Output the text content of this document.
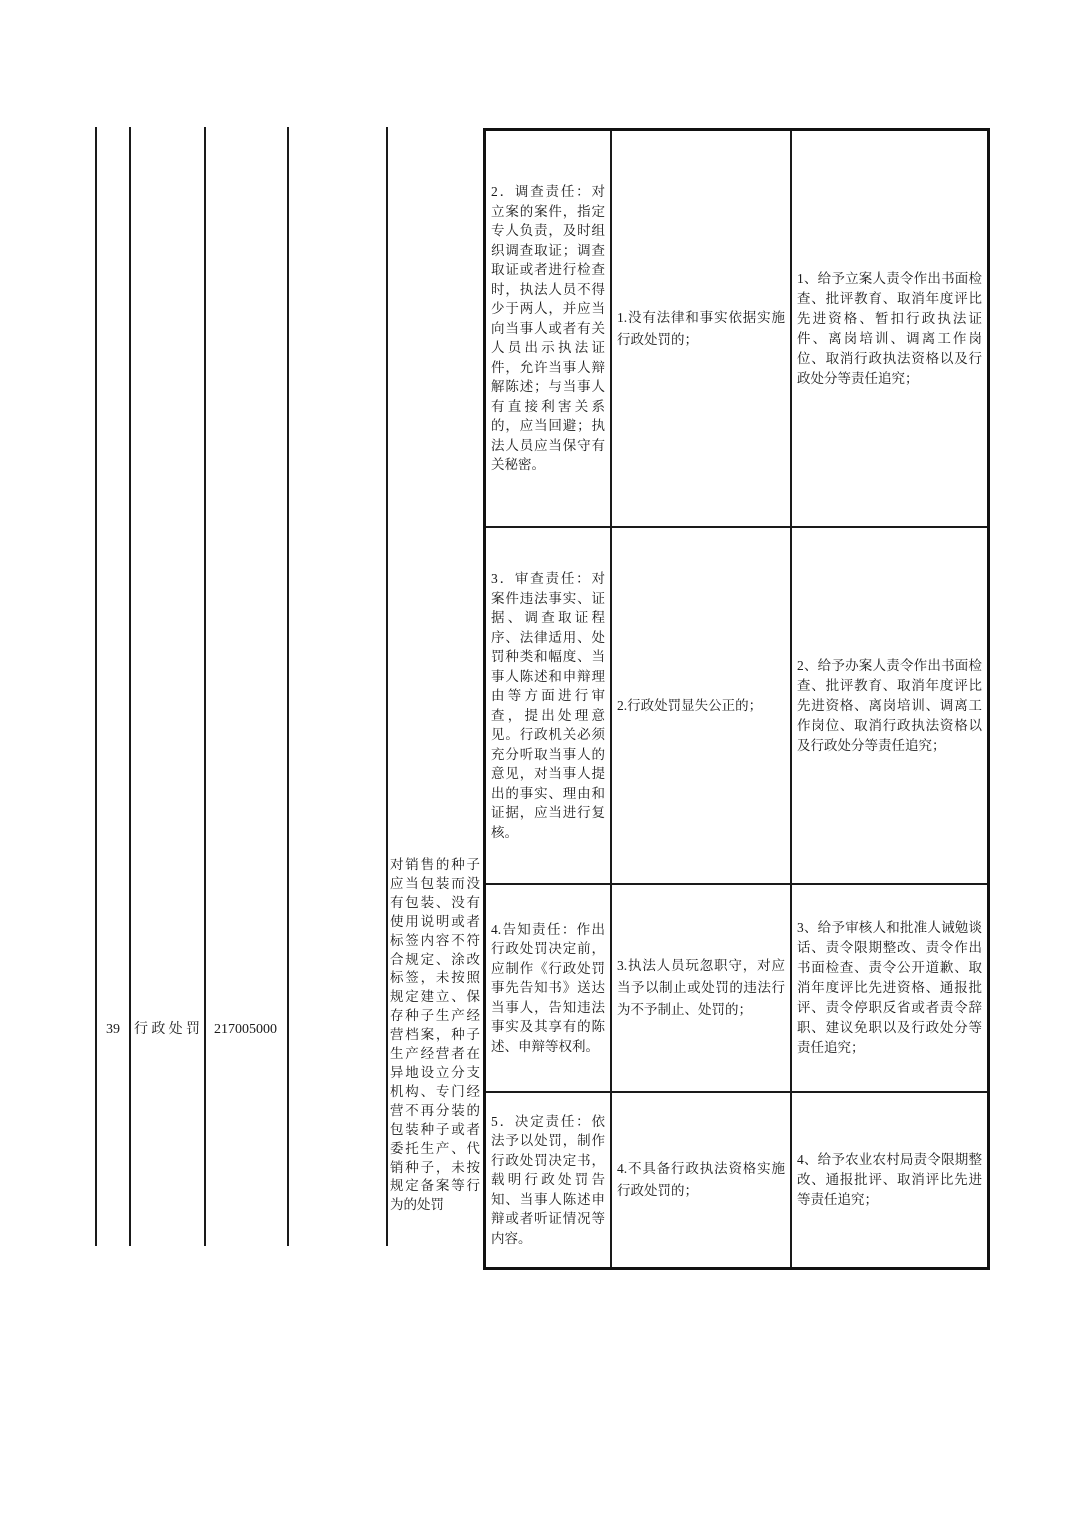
39	行政处罚	217005000
对销售的种子应当包装而没有包装、没有使用说明或者标签内容不符合规定、涂改标签，未按照规定建立、保存种子生产经营档案，种子生产经营者在异地设立分支机构、专门经营不再分装的包装种子或者委托生产、代销种子，未按规定备案等行为的处罚
2．调查责任：对立案的案件，指定专人负责，及时组织调查取证；调查取证或者进行检查时，执法人员不得少于两人，并应当向当事人或者有关人员出示执法证件，允许当事人辩解陈述；与当事人有直接利害关系的，应当回避；执法人员应当保守有关秘密。	1.没有法律和事实依据实施行政处罚的；	1、给予立案人责令作出书面检查、批评教育、取消年度评比先进资格、暂扣行政执法证件、离岗培训、调离工作岗位、取消行政执法资格以及行政处分等责任追究；

3．审查责任：对案件违法事实、证据、调查取证程序、法律适用、处罚种类和幅度、当事人陈述和申辩理由等方面进行审查，提出处理意见。行政机关必须充分听取当事人的意见，对当事人提出的事实、理由和证据，应当进行复核。	2.行政处罚显失公正的；	2、给予办案人责令作出书面检查、批评教育、取消年度评比先进资格、离岗培训、调离工作岗位、取消行政执法资格以及行政处分等责任追究；

4.告知责任：作出行政处罚决定前，应制作《行政处罚事先告知书》送达当事人，告知违法事实及其享有的陈述、申辩等权利。	3.执法人员玩忽职守，对应当予以制止或处罚的违法行为不予制止、处罚的；	3、给予审核人和批准人诫勉谈话、责令限期整改、责令作出书面检查、责令公开道歉、取消年度评比先进资格、通报批评、责令停职反省或者责令辞职、建议免职以及行政处分等责任追究；

5．决定责任：依法予以处罚，制作行政处罚决定书，载明行政处罚告知、当事人陈述申辩或者听证情况等内容。	4.不具备行政执法资格实施行政处罚的；	4、给予农业农村局责令限期整改、通报批评、取消评比先进等责任追究；
